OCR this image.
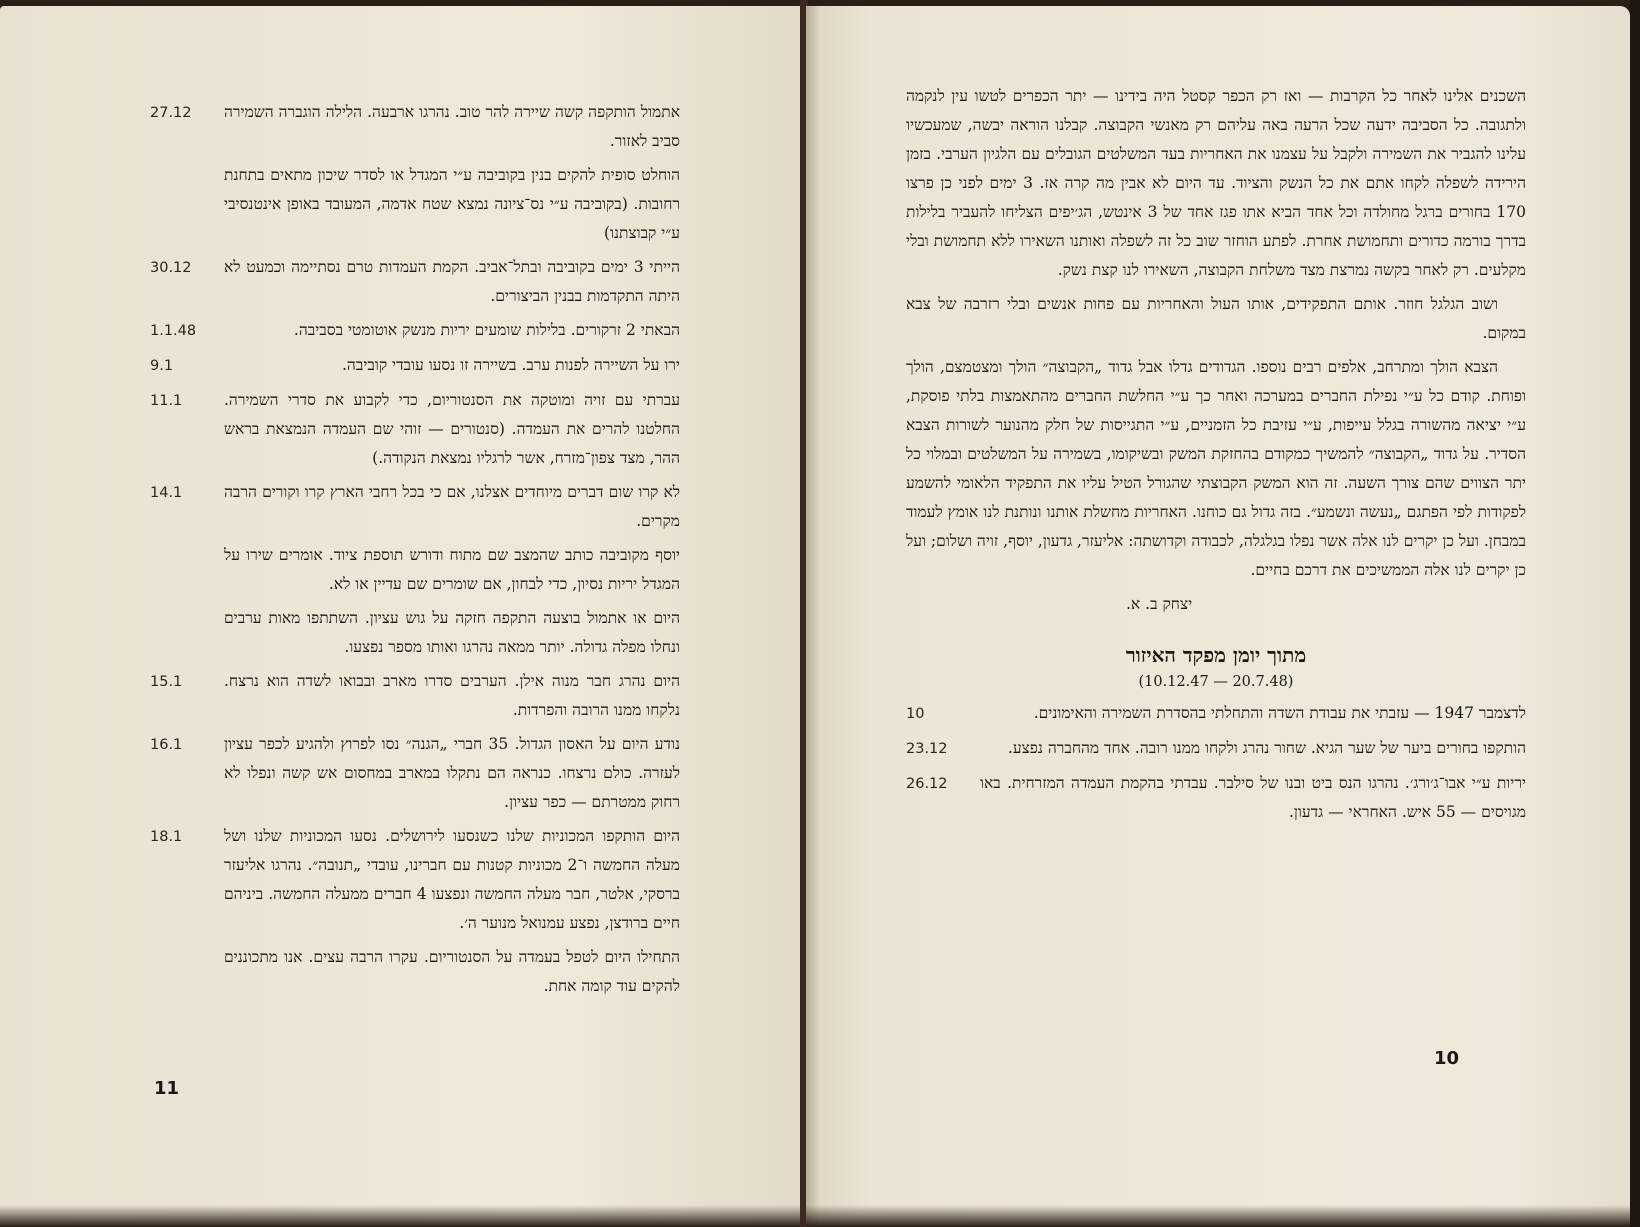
אתמול הותקפה קשה שיירה להר טוב. נהרגו ארבעה. הלילה הוגברה השמירה סביב לאזור.
27.12
הוחלט סופית להקים בנין בקוביבה ע״י המגדל או לסדר שיכון מתאים בתחנת רחובות. (בקוביבה ע״י נס־ציונה נמצא שטח אדמה, המעובד באופן אינטנסיבי ע״י קבוצתנו)
הייתי 3 ימים בקוביבה ובתל־אביב. הקמת העמדות טרם נסתיימה וכמעט לא היתה התקדמות בבנין הביצורים.
30.12
הבאתי 2 זרקורים. בלילות שומעים יריות מנשק אוטומטי בסביבה.
1.1.48
ירו על השיירה לפנות ערב. בשיירה זו נסעו עובדי קוביבה.
9.1
עברתי עם זויה ומוטקה את הסנטוריום, כדי לקבוע את סדרי השמירה. החלטנו להרים את העמדה. (סנטורים — זוהי שם העמדה הנמצאת בראש ההר, מצד צפון־מזרח, אשר לרגליו נמצאת הנקודה.)
11.1
לא קרו שום דברים מיוחדים אצלנו, אם כי בכל רחבי הארץ קרו וקורים הרבה מקרים.
14.1
יוסף מקוביבה כותב שהמצב שם מתוח ודורש תוספת ציוד. אומרים שירו על המגדל יריות נסיון, כדי לבחון, אם שומרים שם עדיין או לא.
היום או אתמול בוצעה התקפה חזקה על גוש עציון. השתתפו מאות ערבים ונחלו מפלה גדולה. יותר ממאה נהרגו ואותו מספר נפצעו.
היום נהרג חבר מנוה אילן. הערבים סדרו מארב ובבואו לשדה הוא נרצח. נלקחו ממנו הרובה והפרדות.
15.1
נודע היום על האסון הגדול. 35 חברי „הגנה״ נסו לפרוץ ולהגיע לכפר עציון לעזרה. כולם נרצחו. כנראה הם נתקלו במארב במחסום אש קשה ונפלו לא רחוק ממטרתם — כפר עציון.
16.1
היום הותקפו המכוניות שלנו כשנסעו לירושלים. נסעו המכוניות שלנו ושל מעלה החמשה ו־2 מכוניות קטנות עם חברינו, עובדי „תנובה״. נהרגו אליעזר ברסקי, אלטר, חבר מעלה החמשה ונפצעו 4 חברים ממעלה החמשה. ביניהם חיים ברודצן, נפצע עמנואל מנוער ה׳.
18.1
התחילו היום לטפל בעמדה על הסנטוריום. עקרו הרבה עצים. אנו מתכוננים להקים עוד קומה אחת.
11

השכנים אלינו לאחר כל הקרבות — ואז רק הכפר קסטל היה בידינו — יתר הכפרים לטשו עין לנקמה ולתגובה. כל הסביבה ידעה שכל הרעה באה עליהם רק מאנשי הקבוצה. קבלנו הוראה יבשה, שמעכשיו עלינו להגביר את השמירה ולקבל על עצמנו את האחריות בעד המשלטים הגובלים עם הלגיון הערבי. בזמן הירידה לשפלה לקחו אתם את כל הנשק והציוד. עד היום לא אבין מה קרה אז. 3 ימים לפני כן פרצו 170 בחורים ברגל מחולדה וכל אחד הביא אתו פגז אחד של 3 אינטש, הג׳יפים הצליחו להעביר בלילות בדרך בורמה כדורים ותחמושת אחרת. לפתע הוחזר שוב כל זה לשפלה ואותנו השאירו ללא תחמושת ובלי מקלעים. רק לאחר בקשה נמרצת מצד משלחת הקבוצה, השאירו לנו קצת נשק.

ושוב הגלגל חוזר. אותם התפקידים, אותו העול והאחריות עם פחות אנשים ובלי רזרבה של צבא במקום.

הצבא הולך ומתרחב, אלפים רבים נוספו. הגדודים גדלו אבל גדוד „הקבוצה״ הולך ומצטמצם, הולך ופוחת. קודם כל ע״י נפילת החברים במערכה ואחר כך ע״י החלשת החברים מהתאמצות בלתי פוסקת, ע״י יציאה מהשורה בגלל עייפות, ע״י עזיבת כל הזמניים, ע״י התגייסות של חלק מהנוער לשורות הצבא הסדיר. על גדוד „הקבוצה״ להמשיך כמקודם בהחזקת המשק ובשיקומו, בשמירה על המשלטים ובמלוי כל יתר הצווים שהם צורך השעה. זה הוא המשק הקבוצתי שהגורל הטיל עליו את התפקיד הלאומי להשמע לפקודות לפי הפתגם „נעשה ונשמע״. בזה גדול גם כוחנו. האחריות מחשלת אותנו ונותנת לנו אומץ לעמוד במבחן. ועל כן יקרים לנו אלה אשר נפלו בגלגלה, לכבודה וקדושתה: אליעזר, גדעון, יוסף, זויה ושלום; ועל כן יקרים לנו אלה הממשיכים את דרכם בחיים.

יצחק ב. א.
מתוך יומן מפקד האיזור
(10.12.47 — 20.7.48)
לדצמבר 1947 — עזבתי את עבודת השדה והתחלתי בהסדרת השמירה והאימונים.
10
הותקפו בחורים ביער של שער הגיא. שחור נהרג ולקחו ממנו רובה. אחד מהחברה נפצע.
23.12
יריות ע״י אבו־ג׳ורג׳. נהרגו הנס ביט ובנו של סילבר. עבדתי בהקמת העמדה המזרחית. באו מגויסים — 55 איש. האחראי — גדעון.
26.12
10
